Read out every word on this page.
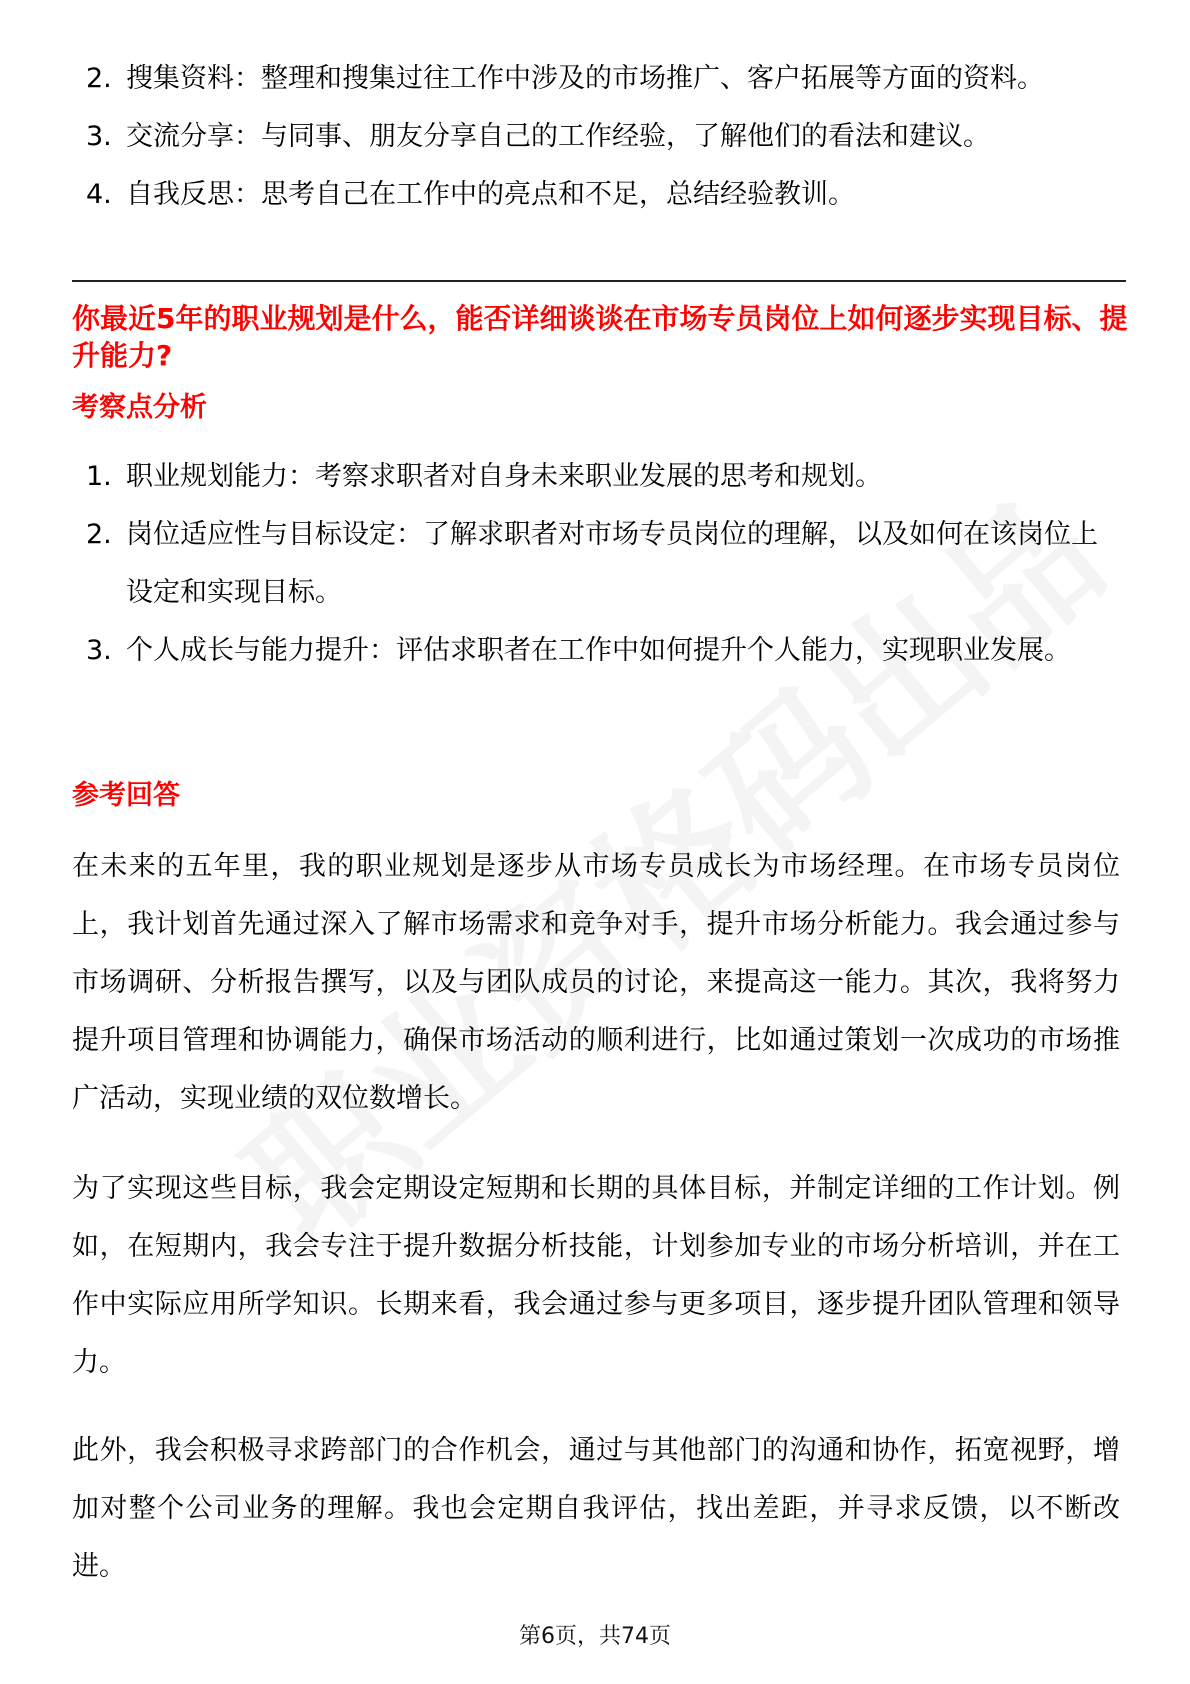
2. 搜集资料：整理和搜集过往工作中涉及的市场推广、客户拓展等方面的资料。
3. 交流分享：与同事、朋友分享自己的工作经验，了解他们的看法和建议。
4. 自我反思：思考自己在工作中的亮点和不足，总结经验教训。
你最近5年的职业规划是什么，能否详细谈谈在市场专员岗位上如何逐步实现目标、提升能力?
考察点分析
1. 职业规划能力：考察求职者对自身未来职业发展的思考和规划。
2. 岗位适应性与目标设定：了解求职者对市场专员岗位的理解，以及如何在该岗位上设定和实现目标。
3. 个人成长与能力提升：评估求职者在工作中如何提升个人能力，实现职业发展。
参考回答
在未来的五年里，我的职业规划是逐步从市场专员成长为市场经理。在市场专员岗位上，我计划首先通过深入了解市场需求和竞争对手，提升市场分析能力。我会通过参与市场调研、分析报告撰写，以及与团队成员的讨论，来提高这一能力。其次，我将努力提升项目管理和协调能力，确保市场活动的顺利进行，比如通过策划一次成功的市场推广活动，实现业绩的双位数增长。
为了实现这些目标，我会定期设定短期和长期的具体目标，并制定详细的工作计划。例如，在短期内，我会专注于提升数据分析技能，计划参加专业的市场分析培训，并在工作中实际应用所学知识。长期来看，我会通过参与更多项目，逐步提升团队管理和领导力。
此外，我会积极寻求跨部门的合作机会，通过与其他部门的沟通和协作，拓宽视野，增加对整个公司业务的理解。我也会定期自我评估，找出差距，并寻求反馈，以不断改进。
第6页，共74页
